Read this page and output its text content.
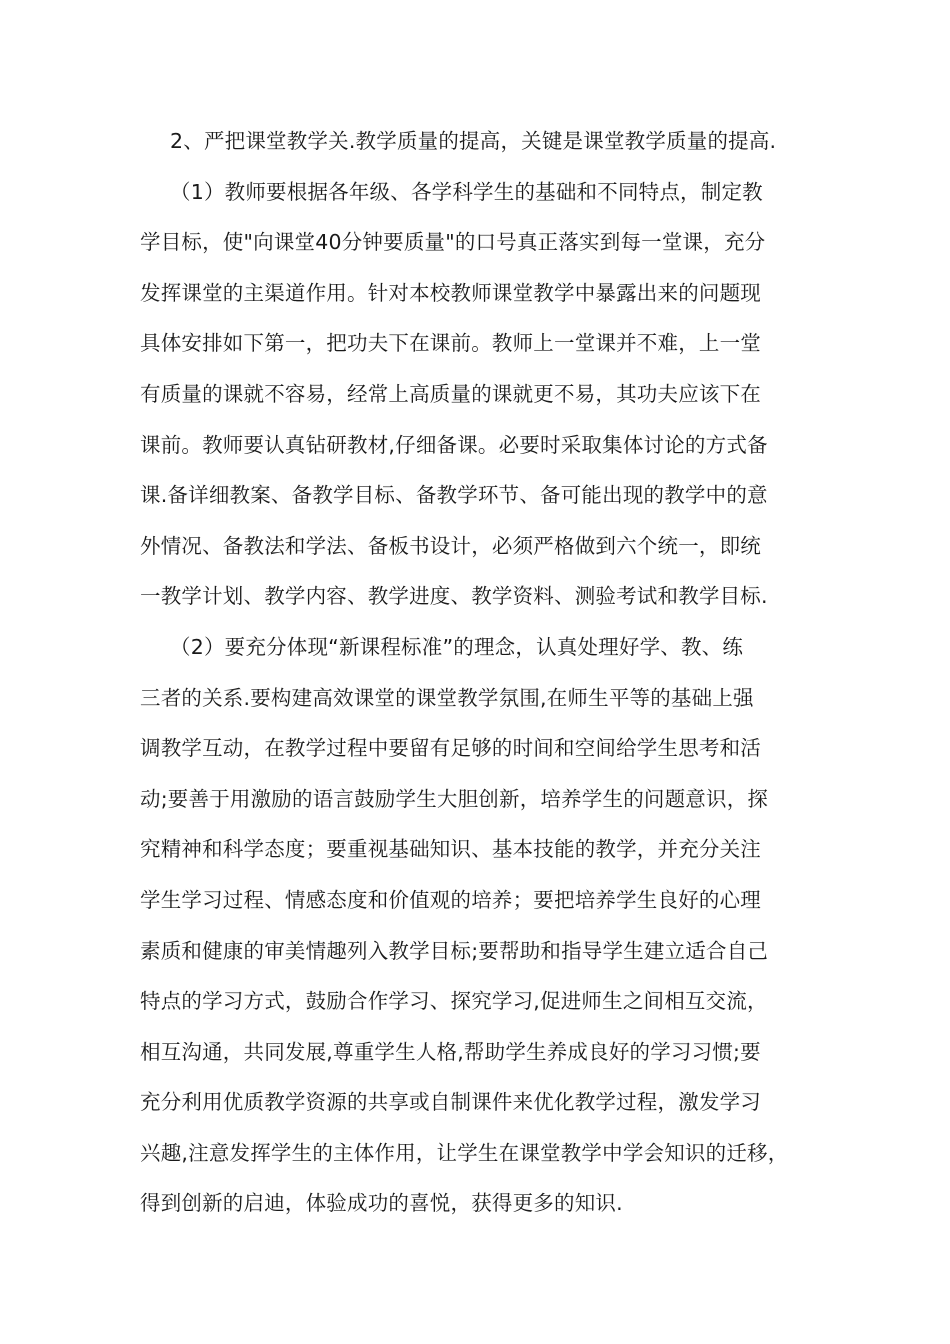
2、严把课堂教学关.教学质量的提高，关键是课堂教学质量的提高.
（1）教师要根据各年级、各学科学生的基础和不同特点，制定教
学目标，使"向课堂40分钟要质量"的口号真正落实到每一堂课，充分
发挥课堂的主渠道作用。针对本校教师课堂教学中暴露出来的问题现
具体安排如下第一，把功夫下在课前。教师上一堂课并不难，上一堂
有质量的课就不容易，经常上高质量的课就更不易，其功夫应该下在
课前。教师要认真钻研教材,仔细备课。必要时采取集体讨论的方式备
课.备详细教案、备教学目标、备教学环节、备可能出现的教学中的意
外情况、备教法和学法、备板书设计，必须严格做到六个统一，即统
一教学计划、教学内容、教学进度、教学资料、测验考试和教学目标.
（2）要充分体现“新课程标准”的理念，认真处理好学、教、练
三者的关系.要构建高效课堂的课堂教学氛围,在师生平等的基础上强
调教学互动，在教学过程中要留有足够的时间和空间给学生思考和活
动;要善于用激励的语言鼓励学生大胆创新，培养学生的问题意识，探
究精神和科学态度；要重视基础知识、基本技能的教学，并充分关注
学生学习过程、情感态度和价值观的培养；要把培养学生良好的心理
素质和健康的审美情趣列入教学目标;要帮助和指导学生建立适合自己
特点的学习方式，鼓励合作学习、探究学习,促进师生之间相互交流，
相互沟通，共同发展,尊重学生人格,帮助学生养成良好的学习习惯;要
充分利用优质教学资源的共享或自制课件来优化教学过程，激发学习
兴趣,注意发挥学生的主体作用，让学生在课堂教学中学会知识的迁移，
得到创新的启迪，体验成功的喜悦，获得更多的知识.
